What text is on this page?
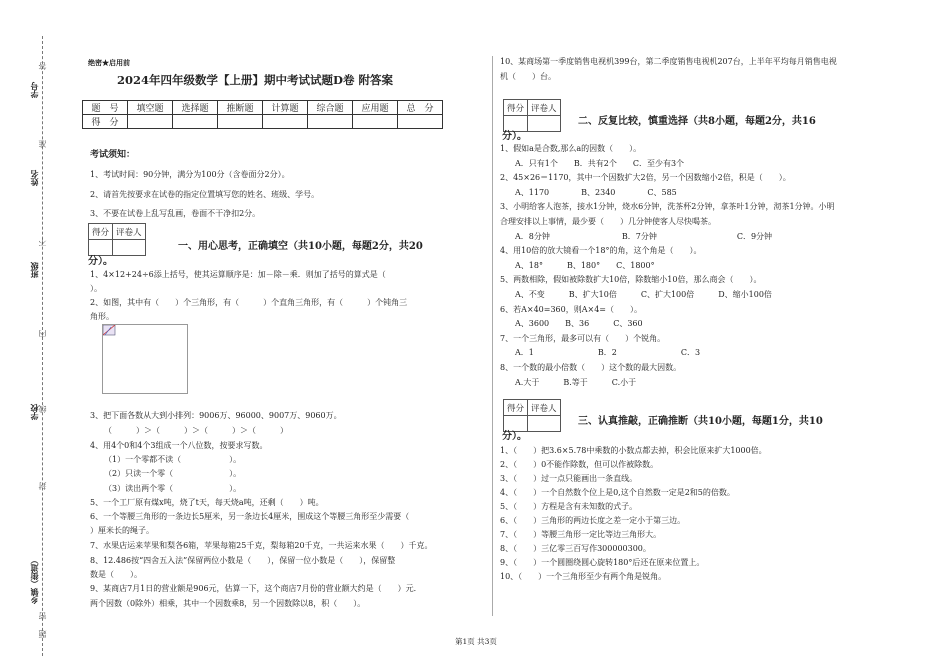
学号
姓名
班级
学校
乡镇（街道）
密
封
线
内
不
准
答
题
绝密★启用前
2024年四年级数学【上册】期中考试试题D卷 附答案
题　号	填空题	选择题	推断题	计算题	综合题	应用题	总　分
得　分							
考试须知：
1、考试时间：90分钟，满分为100分（含卷面分2分）。
2、请首先按要求在试卷的指定位置填写您的姓名、班级、学号。
3、不要在试卷上乱写乱画，卷面不干净扣2分。
得分	评卷人

一、用心思考，正确填空（共10小题，每题2分，共20
分）。
1、4×12+24÷6添上括号，使其运算顺序是：加－除－乘．则加了括号的算式是（
）。
2、如图，其中有（　　）个三角形，有（　　　）个直角三角形，有（　　　）个钝角三
角形。
3、把下面各数从大到小排列：9006万、96000、9007万、9060万。
（　　　）＞（　　　）＞（　　　）＞（　　　）
4、用4个0和4个3组成一个八位数，按要求写数。
（1）一个零都不读（　　　　　　）。
（2）只读一个零（　　　　　　　）。
（3）读出两个零（　　　　　　　）。
5、一个工厂原有煤x吨，烧了t天，每天烧a吨，还剩（　　）吨。
6、一个等腰三角形的一条边长5厘米，另一条边长4厘米，围成这个等腰三角形至少需要（
）厘米长的绳子。
7、水果店运来苹果和梨各6箱，苹果每箱25千克，梨每箱20千克，一共运来水果（　　）千克。
8、12.486按“四舍五入法”保留两位小数是（　　），保留一位小数是（　　），保留整
数是（　　）。
9、某商店7月1日的营业额是906元，估算一下，这个商店7月份的营业额大约是（　　）元．
两个因数（0除外）相乘，其中一个因数乘8，另一个因数除以8，积（　　）。
10、某商场第一季度销售电视机399台，第二季度销售电视机207台，上半年平均每月销售电视
机（　　）台。
得分	评卷人

二、反复比较，慎重选择（共8小题，每题2分，共16
分）。
1、假如a是合数,那么a的因数（　　）。
A．只有1个　　B．共有2个　　C．至少有3个
2、45×26＝1170，其中一个因数扩大2倍，另一个因数缩小2倍，积是（　　）。
A、1170　　　　B、2340　　　　C、585
3、小明给客人泡茶，接水1分钟，烧水6分钟，洗茶杯2分钟，拿茶叶1分钟，沏茶1分钟。小明
合理安排以上事情，最少要（　　）几分钟使客人尽快喝茶。
A．8分钟　　　　　　　　　B．7分钟　　　　　　　　　　C．9分钟
4、用10倍的放大镜看一个18°的角，这个角是（　　）。
A、18°　　　B、180°　　C、1800°
5、两数相除，假如被除数扩大10倍，除数缩小10倍，那么商会（　　）。
A、不变　　　B、扩大10倍　　　C、扩大100倍　　　D、缩小100倍
6、若A×40=360，则A×4=（　　）。
A、3600　　B、36　　　C、360
7、一个三角形，最多可以有（　　）个锐角。
A．1　　　　　　　　B．2　　　　　　　　C．3
8、一个数的最小倍数（　　）这个数的最大因数。
A.大于　　　B.等于　　　C.小于
得分	评卷人

三、认真推敲，正确推断（共10小题，每题1分，共10
分）。
1、（　　）把3.6×5.78中乘数的小数点都去掉，积会比原来扩大1000倍。
2、（　　）0不能作除数，但可以作被除数。
3、（　　）过一点只能画出一条直线。
4、（　　）一个自然数个位上是0,这个自然数一定是2和5的倍数。
5、（　　）方程是含有未知数的式子。
6、（　　）三角形的两边长度之差一定小于第三边。
7、（　　）等腰三角形一定比等边三角形大。
8、（　　）三亿零三百写作300000300。
9、（　　）一个圆圈绕圆心旋转180°后还在原来位置上。
10、（　　）一个三角形至少有两个角是锐角。
第1页 共3页
